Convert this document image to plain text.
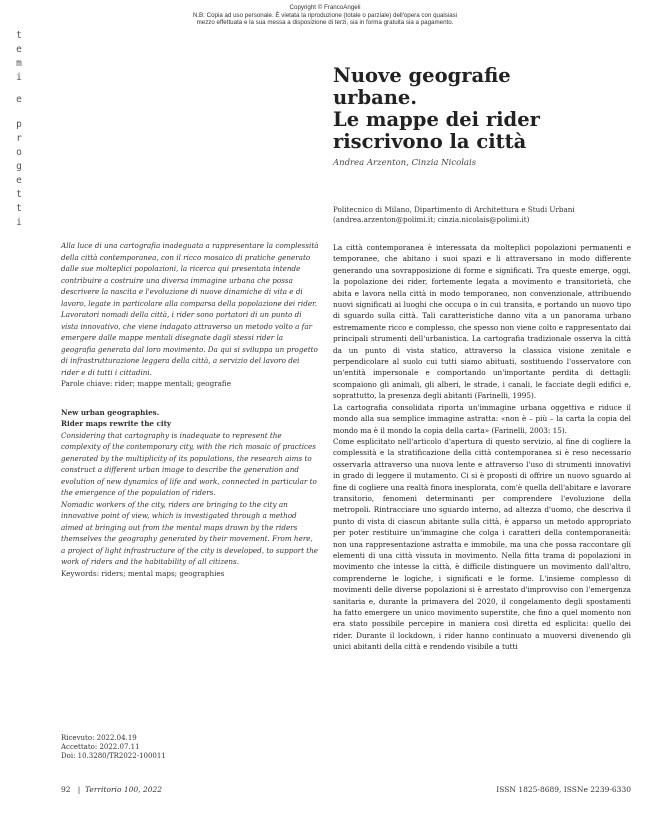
Copyright © FrancoAngeli
N.B: Copia ad uso personale. È vietata la riproduzione (totale o parziale) dell'opera con qualsiasi
mezzo effettuata e la sua messa a disposizione di terzi, sia in forma gratuita sia a pagamento.
t
e
m
i
e
p
r
o
g
e
t
t
i
Nuove geografie
urbane.
Le mappe dei rider
riscrivono la città
Andrea Arzenton, Cinzia Nicolais
Politecnico di Milano, Dipartimento di Architettura e Studi Urbani
(andrea.arzenton@polimi.it; cinzia.nicolais@polimi.it)

Alla luce di una cartografia inadeguata a rappresentare la complessità della città contemporanea, con il ricco mosaico di pratiche generato dalle sue molteplici popolazioni, la ricerca qui presentata intende contribuire a costruire una diversa immagine urbana che possa descrivere la nascita e l'evoluzione di nuove dinamiche di vita e di lavoro, legate in particolare alla comparsa della popolazione dei rider.

Lavoratori nomadi della città, i rider sono portatori di un punto di vista innovativo, che viene indagato attraverso un metodo volto a far emergere dalle mappe mentali disegnate dagli stessi rider la geografia generata dal loro movimento. Da qui si sviluppa un progetto di infrastrutturazione leggera della città, a servizio del lavoro dei rider e di tutti i cittadini.

Parole chiave: rider; mappe mentali; geografie

New urban geographies.

Rider maps rewrite the city

Considering that cartography is inadequate to represent the complexity of the contemporary city, with the rich mosaic of practices generated by the multiplicity of its populations, the research aims to construct a different urban image to describe the generation and evolution of new dynamics of life and work, connected in particular to the emergence of the population of riders.

Nomadic workers of the city, riders are bringing to the city an innovative point of view, which is investigated through a method aimed at bringing out from the mental maps drawn by the riders themselves the geography generated by their movement. From here, a project of light infrastructure of the city is developed, to support the work of riders and the habitability of all citizens.

Keywords: riders; mental maps; geographies

Ricevuto: 2022.04.19
Accettato: 2022.07.11
Doi: 10.3280/TR2022-100011

La città contemporanea è interessata da molteplici popolazioni permanenti e temporanee, che abitano i suoi spazi e li attraversano in modo differente generando una sovrapposizione di forme e significati. Tra queste emerge, oggi, la popolazione dei rider, fortemente legata a movimento e transitorietà, che abita e lavora nella città in modo temporaneo, non convenzionale, attribuendo nuovi significati ai luoghi che occupa o in cui transita, e portando un nuovo tipo di sguardo sulla città. Tali caratteristiche danno vita a un panorama urbano estremamente ricco e complesso, che spesso non viene colto e rappresentato dai principali strumenti dell'urbanistica. La cartografia tradizionale osserva la città da un punto di vista statico, attraverso la classica visione zenitale e perpendicolare al suolo cui tutti siamo abituati, sostituendo l'osservatore con un'entità impersonale e comportando un'importante perdita di dettagli: scompaiono gli animali, gli alberi, le strade, i canali, le facciate degli edifici e, soprattutto, la presenza degli abitanti (Farinelli, 1995).

La cartografia consolidata riporta un'immagine urbana oggettiva e riduce il mondo alla sua semplice immagine astratta: «non è – più – la carta la copia del mondo ma è il mondo la copia della carta» (Farinelli, 2003: 15).

Come esplicitato nell'articolo d'apertura di questo servizio, al fine di cogliere la complessità e la stratificazione della città contemporanea si è reso necessario osservarla attraverso una nuova lente e attraverso l'uso di strumenti innovativi in grado di leggere il mutamento. Ci si è proposti di offrire un nuovo sguardo al fine di cogliere una realtà finora inesplorata, com'è quella dell'abitare e lavorare transitorio, fenomeni determinanti per comprendere l'evoluzione della metropoli. Rintracciare uno sguardo interno, ad altezza d'uomo, che descriva il punto di vista di ciascun abitante sulla città, è apparso un metodo appropriato per poter restituire un'immagine che colga i caratteri della contemporaneità: non una rappresentazione astratta e immobile, ma una che possa raccontare gli elementi di una città vissuta in movimento. Nella fitta trama di popolazioni in movimento che intesse la città, è difficile distinguere un movimento dall'altro, comprenderne le logiche, i significati e le forme. L'insieme complesso di movimenti delle diverse popolazioni si è arrestato d'improvviso con l'emergenza sanitaria e, durante la primavera del 2020, il congelamento degli spostamenti ha fatto emergere un unico movimento superstite, che fino a quel momento non era stato possibile percepire in maniera così diretta ed esplicita: quello dei rider. Durante il lockdown, i rider hanno continuato a muoversi divenendo gli unici abitanti della città e rendendo visibile a tutti

92 | Territorio 100, 2022	ISSN 1825-8689, ISSNe 2239-6330
